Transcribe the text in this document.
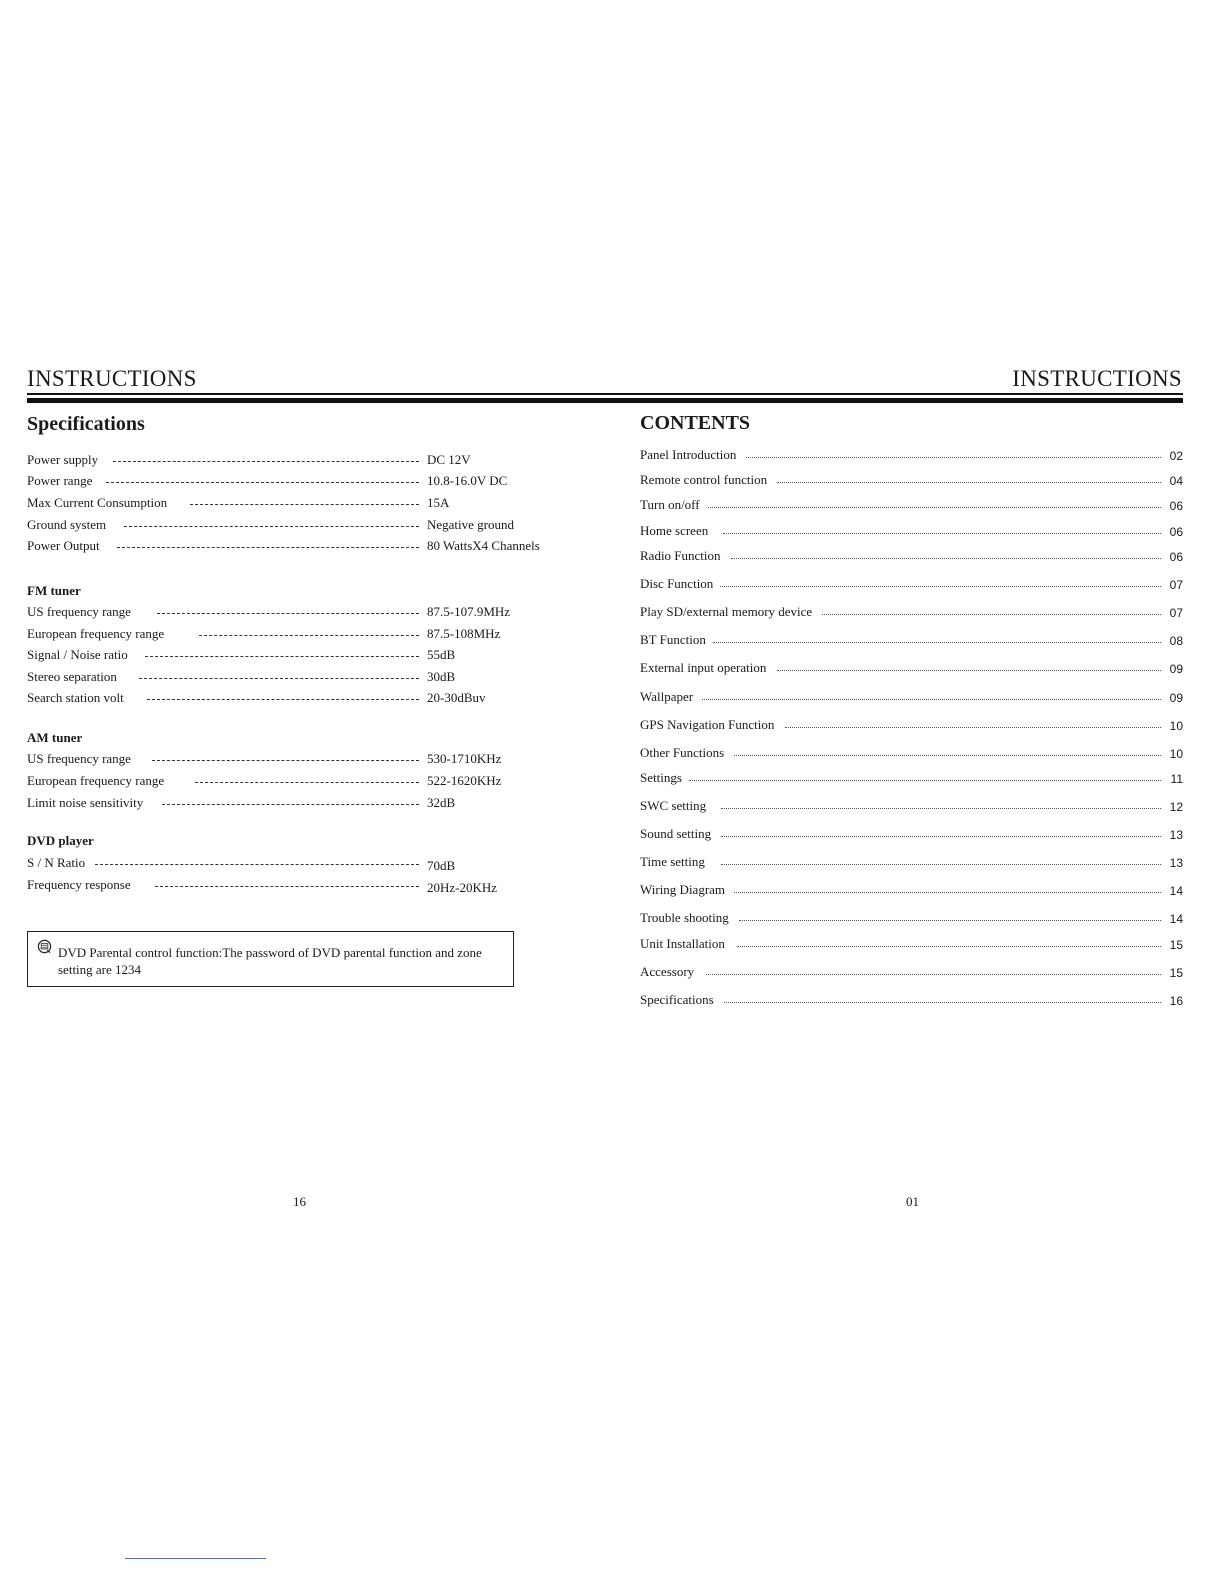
INSTRUCTIONS	INSTRUCTIONS
Specifications
Power supply	DC 12V
Power range	10.8-16.0V DC
Max Current Consumption	15A
Ground system	Negative ground
Power Output	80 WattsX4 Channels
FM tuner
US frequency range	87.5-107.9MHz
European frequency range	87.5-108MHz
Signal / Noise ratio	55dB
Stereo separation	30dB
Search station volt	20-30dBuv
AM tuner
US frequency range	530-1710KHz
European frequency range	522-1620KHz
Limit noise sensitivity	32dB
DVD player
S / N Ratio	70dB
Frequency response	20Hz-20KHz
DVD Parental control function:The password of DVD parental function and zone setting are 1234
CONTENTS
Panel Introduction	02
Remote control function	04
Turn on/off	06
Home screen	06
Radio Function	06
Disc Function	07
Play SD/external memory device	07
BT Function	08
External input operation	09
Wallpaper	09
GPS Navigation Function	10
Other Functions	10
Settings	11
SWC setting	12
Sound setting	13
Time setting	13
Wiring Diagram	14
Trouble shooting	14
Unit Installation	15
Accessory	15
Specifications	16
16	01
